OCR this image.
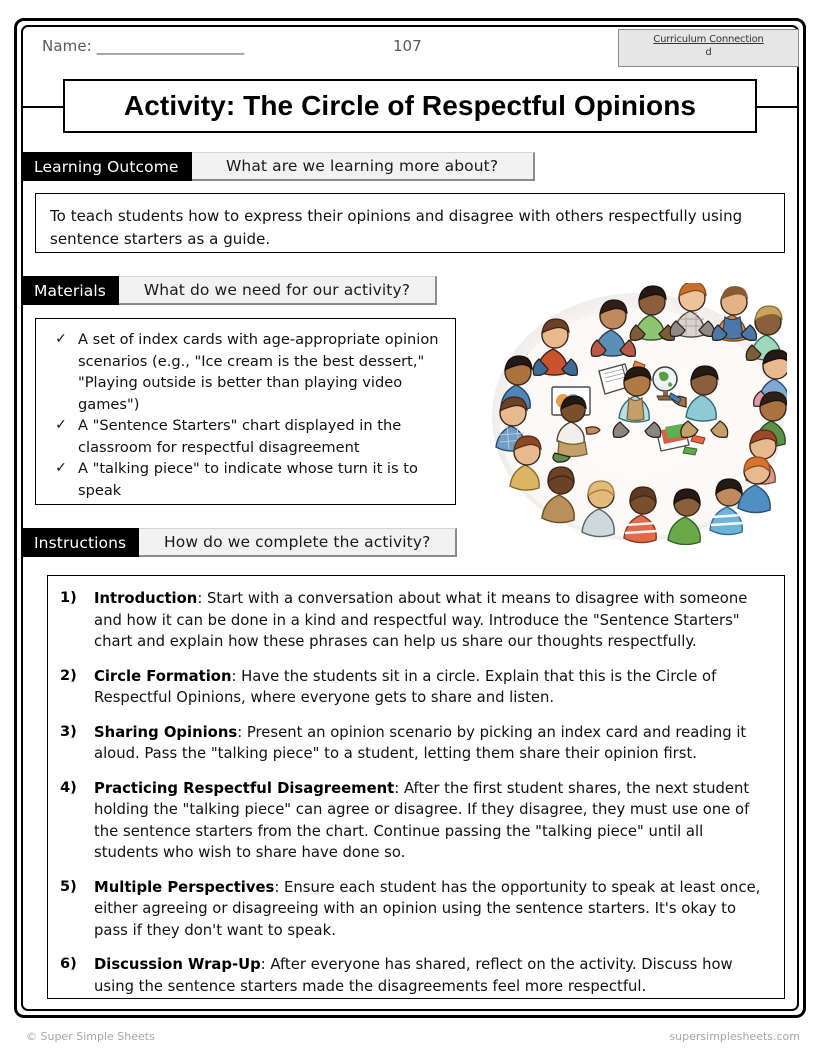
Name: _____________________	107	Curriculum Connection
d
Activity: The Circle of Respectful Opinions
Learning Outcome	What are we learning more about?
To teach students how to express their opinions and disagree with others respectfully using sentence starters as a guide.
Materials	What do we need for our activity?
✓ A set of index cards with age-appropriate opinion scenarios (e.g., "Ice cream is the best dessert," "Playing outside is better than playing video games")
✓ A "Sentence Starters" chart displayed in the classroom for respectful disagreement
✓ A "talking piece" to indicate whose turn it is to speak
Instructions	How do we complete the activity?
1)	Introduction: Start with a conversation about what it means to disagree with someone and how it can be done in a kind and respectful way. Introduce the "Sentence Starters" chart and explain how these phrases can help us share our thoughts respectfully.
2)	Circle Formation: Have the students sit in a circle. Explain that this is the Circle of Respectful Opinions, where everyone gets to share and listen.
3)	Sharing Opinions: Present an opinion scenario by picking an index card and reading it aloud. Pass the "talking piece" to a student, letting them share their opinion first.
4)	Practicing Respectful Disagreement: After the first student shares, the next student holding the "talking piece" can agree or disagree. If they disagree, they must use one of the sentence starters from the chart. Continue passing the "talking piece" until all students who wish to share have done so.
5)	Multiple Perspectives: Ensure each student has the opportunity to speak at least once, either agreeing or disagreeing with an opinion using the sentence starters. It's okay to pass if they don't want to speak.
6)	Discussion Wrap-Up: After everyone has shared, reflect on the activity. Discuss how using the sentence starters made the disagreements feel more respectful.
© Super Simple Sheets	supersimplesheets.com
